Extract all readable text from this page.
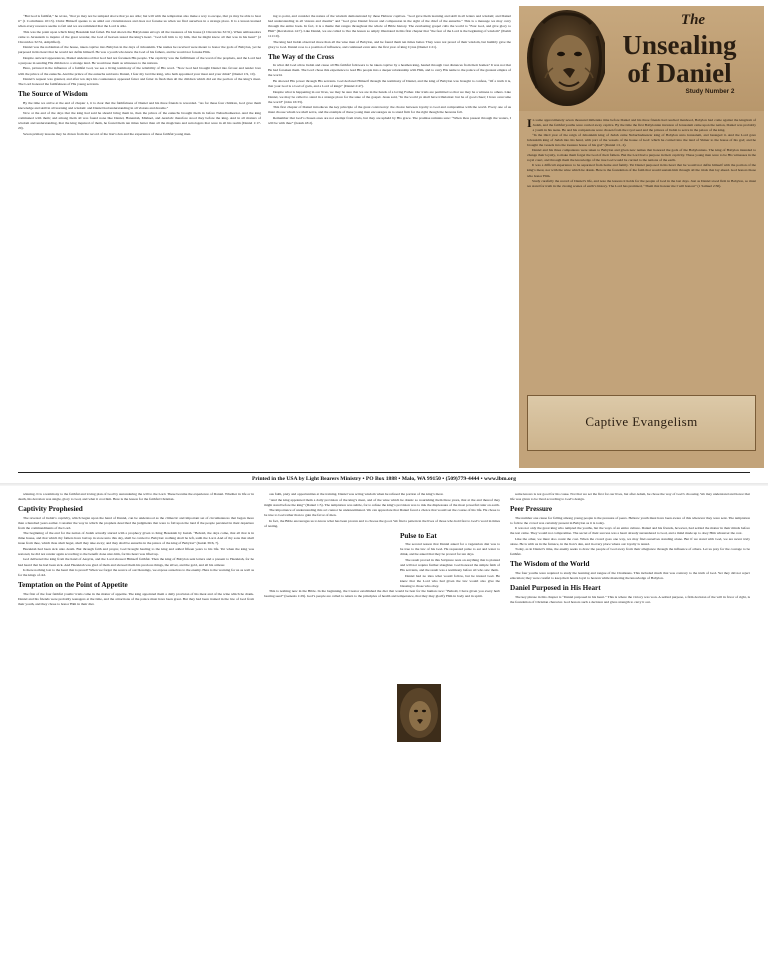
“But God is faithful,” he wrote, “that ye may not be tempted above that ye are able; but will with the temptation also make a way to escape, that ye may be able to bear it” (1 Corinthians 10:13). Christ Himself speaks to us amid our circumstances and does not forsake us when we find ourselves in a strange place. It is a lesson learned when every resource seems to fail and we are reminded that the Lord is able.

This was the point upon which King Hezekiah had failed. He had shown the Babylonian envoys all the treasures of his house (2 Chronicles 32:31). When ambassadors came to Jerusalem to inquire of the great wonder, the God of heaven tested the king’s heart. “God left him to try him, that he might know all that was in his heart” (2 Chronicles 32:31, Amplified).

Daniel was the nobleman of the house, taken captive into Babylon in the days of Jehoiakim. The names he received were meant to honor the gods of Babylon, yet he purposed in his heart that he would not defile himself. He was a youth who knew the God of his fathers, and he would not forsake Him.

Despite outward appearances, Daniel understood that God had not forsaken His people. The captivity was the fulfillment of the word of the prophets, and the Lord had a purpose in sending His children to a strange land. He would use them as witnesses to the nations.

Here, pictured in the influence of a faithful God, we see a living testimony of the reliability of His word. “Now God had brought Daniel into favour and tender love with the prince of the eunuchs. And the prince of the eunuchs said unto Daniel, I fear my lord the king, who hath appointed your meat and your drink” (Daniel 1:9, 10).

Daniel’s request was granted, and after ten days his countenance appeared fairer and fatter in flesh than all the children which did eat the portion of the king’s meat. The Lord honored the faithfulness of His young servants.

The Source of Wisdom

By the time we arrive at the end of chapter 1, it is clear that the faithfulness of Daniel and his three friends is rewarded. “As for these four children, God gave them knowledge and skill in all learning and wisdom: and Daniel had understanding in all visions and dreams.”

Now at the end of the days that the king had said he should bring them in, then the prince of the eunuchs brought them in before Nebuchadnezzar. And the king communed with them; and among them all was found none like Daniel, Hananiah, Mishael, and Azariah: therefore stood they before the king. And in all matters of wisdom and understanding, that the king inquired of them, he found them ten times better than all the magicians and astrologers that were in all his realm (Daniel 1:17-20).

Seven primary lessons may be drawn from the record of the lion’s den and the experience of these faithful young men.

ing to point, and consider the nature of the wisdom demonstrated by these Hebrew captives. “God gave them learning and skill in all letters and wisdom; and Daniel had understanding in all visions and dreams” and “God gave Daniel favour and compassion in the sight of the chief of the eunuchs.” This is a message we may carry through the entire book. In fact, it is a theme that ranges throughout the whole of Bible history. The everlasting gospel calls the world to “Fear God, and give glory to Him” (Revelation 14:7). Like Daniel, we are called to live the lesson so amply illustrated in this first chapter that “the fear of the Lord is the beginning of wisdom” (Psalm 111:10).

The king had Judah observed more than all the wise men of Babylon, and he found them ten times better. They were not proud of their wisdom, but humbly gave the glory to God. Daniel rose to a position of influence, and continued even unto the first year of king Cyrus (Daniel 1:21).

The Way of the Cross

In what did God allow Judah and cause all His faithful followers to be taken captive by a heathen king, hauled through vast distances from their homes? It was not that He had forsaken them. The Lord chose this experience to lead His people into a deeper relationship with Him, and to carry His name to the palace of the greatest empire of the world.

He showed His power through His servants. God declared Himself through the testimony of Daniel, and the king of Babylon was brought to confess, “Of a truth it is, that your God is a God of gods, and a Lord of kings” (Daniel 2:47).

Despite what is happening in our lives, we may be sure that we are in the hands of a loving Father. Our trials are permitted so that we may be a witness to others. Like Daniel, we may be called to stand in a strange place for the sake of the gospel. Jesus said, “In the world ye shall have tribulation: but be of good cheer; I have overcome the world” (John 16:33).

This first chapter of Daniel introduces the key principle of the great controversy: the choice between loyalty to God and compromise with the world. Every one of us must choose whom we shall serve, and the example of these young men encourages us to stand firm for the right though the heavens fall.

Remember that God’s chosen ones are not exempt from trials, but they are upheld by His grace. The promise remains sure: “When thou passest through the waters, I will be with thee” (Isaiah 43:2).

The
Unsealing
of Daniel
Study Number 2

In some approximately seven thousand millennia time before Daniel and his three friends had reached manhood, Babylon had come against the kingdom of Judah, and the faithful youths were carried away captive. By the time the first Babylonian invasion of Jerusalem came upon the nation, Daniel was probably a youth in his teens. He and his companions were chosen from the royal seed and the princes of Judah to serve in the palace of the king.

“In the third year of the reign of Jehoiakim king of Judah came Nebuchadnezzar king of Babylon unto Jerusalem, and besieged it. And the Lord gave Jehoiakim king of Judah into his hand, with part of the vessels of the house of God: which he carried into the land of Shinar to the house of his god; and he brought the vessels into the treasure house of his god” (Daniel 1:1, 2).

Daniel and his three companions were taken to Babylon and given new names that honored the gods of the Babylonians. The king of Babylon intended to change their loyalty, to make them forget the God of their fathers. But the Lord had a purpose in their captivity. These young men were to be His witnesses in the royal court, and through them the knowledge of the true God would be carried to the nations of the earth.

It was a difficult experience to be separated from home and family. Yet Daniel purposed in his heart that he would not defile himself with the portion of the king’s meat, nor with the wine which he drank. Here is the foundation of the faith that would sustain him through all the trials that lay ahead. God honors those who honor Him.

Study carefully the record of Daniel’s life, and note the lessons it holds for the people of God in the last days. Just as Daniel stood firm in Babylon, so must we stand for truth in the closing scenes of earth’s history. The Lord has promised, “Them that honour me I will honour” (1 Samuel 2:30).

Captive Evangelism
Printed in the USA by Light Bearers Ministry • PO Box 1888 • Malo, WA 99150 • (509)779-4444 • www.lbm.org

winning. It is a testimony to the faithful and loving plan of God by surrendering the will to the Lord. These became the experience of Daniel. Whether in life or in death, his devotion was single, glory to God, and what it cost him. Here is the lesson for the faithful Christian.

Captivity Prophesied

The reversal of Judah’s captivity, which began upon the hand of Daniel, can be understood as the climactic and important set of circumstances that began more than a hundred years earlier. Consider the way in which the prophets described the judgments that were to fall upon the land if the people persisted in their departure from the commandments of the Lord.

The beginning of the end for the nation of Judah actually started with a prophecy given to King Hezekiah by Isaiah. “Behold, the days come, that all that is in thine house, and that which thy fathers have laid up in store unto this day, shall be carried to Babylon: nothing shall be left, saith the Lord. And of thy sons that shall issue from thee, which thou shalt beget, shall they take away; and they shall be eunuchs in the palace of the king of Babylon” (Isaiah 39:6, 7).

Hezekiah had been sick unto death. But through faith and prayer, God brought healing to the king and added fifteen years to his life. Yet when the king was restored, he did not render again according to the benefit done unto him, for his heart was lifted up.

God delivered the king from the hand of Assyria, and the Lord showed Himself faithful. Then the king of Babylon sent letters and a present to Hezekiah, for he had heard that he had been sick. And Hezekiah was glad of them and showed them his precious things, the silver, and the gold, and all his armour.

Is there nothing lost to the heart that is proud? When we forget the source of our blessings, we expose ourselves to the enemy. Here is the warning for us as well as for the kings of old.

Temptation on the Point of Appetite

The first of the four faithful youths’ trials came in the matter of appetite. The king appointed them a daily provision of his meat and of the wine which he drank. Daniel and his friends were probably teenagers at the time, and the attractions of the palace must have been great. But they had been trained in the law of God from their youth, and they chose to honor Him in their diet.

ous faith, piety and opportunities at the training. Daniel was acting wisdom when he refused the portion of the king’s meat.

“And the king appointed them a daily provision of the king’s meat, and of the wine which he drank: so nourishing them three years, that at the end thereof they might stand before the king” (Daniel 1:5). The temptation was subtle, for to refuse the king’s provision was to risk the displeasure of the most powerful ruler on earth.

The importance of understanding this act cannot be underestimated. We can appreciate that Daniel faced a choice that would set the course of his life. He chose to be true to God rather than to gain the favor of men.

In fact, the Bible encourages us to know what has been proven and to choose the good. We find a pattern in the lives of those who hold fast to God’s word in times of testing.

Pulse to Eat

The second reason that Daniel asked for a vegetarian diet was to be true to the law of his God. He requested pulse to eat and water to drink, and he asked that they be proved for ten days.

The result proved in this Scripture rests on anything that is planted and will not require further slaughter. God honored the simple faith of His servants, and the result was a testimony before all who saw them.

Daniel had no idea what would follow, but he trusted God. He knew that the Lord who had given the law would also give the blessing to those who obey.

This is nothing new in the Bible. In the beginning, the Creator established the diet that would be best for the human race: “Behold, I have given you every herb bearing seed” (Genesis 1:29). God’s people are called to return to the principles of health and temperance, that they may glorify Him in body and in spirit.

some knows is not good for his cause. Not that we set the first for our lives, but after Adam, he chose the way of God’s choosing. We may understand and honor that life was given to be lived according to God’s design.

Peer Pressure

The number one cause for falling among young people is the pressure of peers. Hebrew youth must have been aware of this wherever they were sent. The temptation to follow the crowd was certainly present in Babylon as it is today.

It was not only the great king who tempted the youths, but the ways of an entire culture. Daniel and his friends, however, had settled the matter in their minds before the test came. They would not compromise. The secret of their success was a heart already surrendered to God, and a mind made up to obey Him whatever the cost.

Like the other, we must also count the cost. When the crowd goes one way, we may find ourselves standing alone. But if we stand with God, we are never truly alone. He is with us in the furnace, in the lion’s den, and in every place where our loyalty is tested.

Today, as in Daniel’s time, the enemy seeks to draw the people of God away from their allegiance through the influence of others. Let us pray for the courage to be faithful.

The Wisdom of the World

The four youths were required to study the learning and tongue of the Chaldeans. This included much that was contrary to the truth of God. Yet they did not reject education; they were careful to keep their hearts loyal to heaven while mastering the knowledge of Babylon.

Daniel Purposed in His Heart

The key phrase in this chapter is “Daniel purposed in his heart.” This is where the victory was won. A settled purpose, a firm decision of the will in favor of right, is the foundation of Christian character. God honors such a decision and gives strength to carry it out.
